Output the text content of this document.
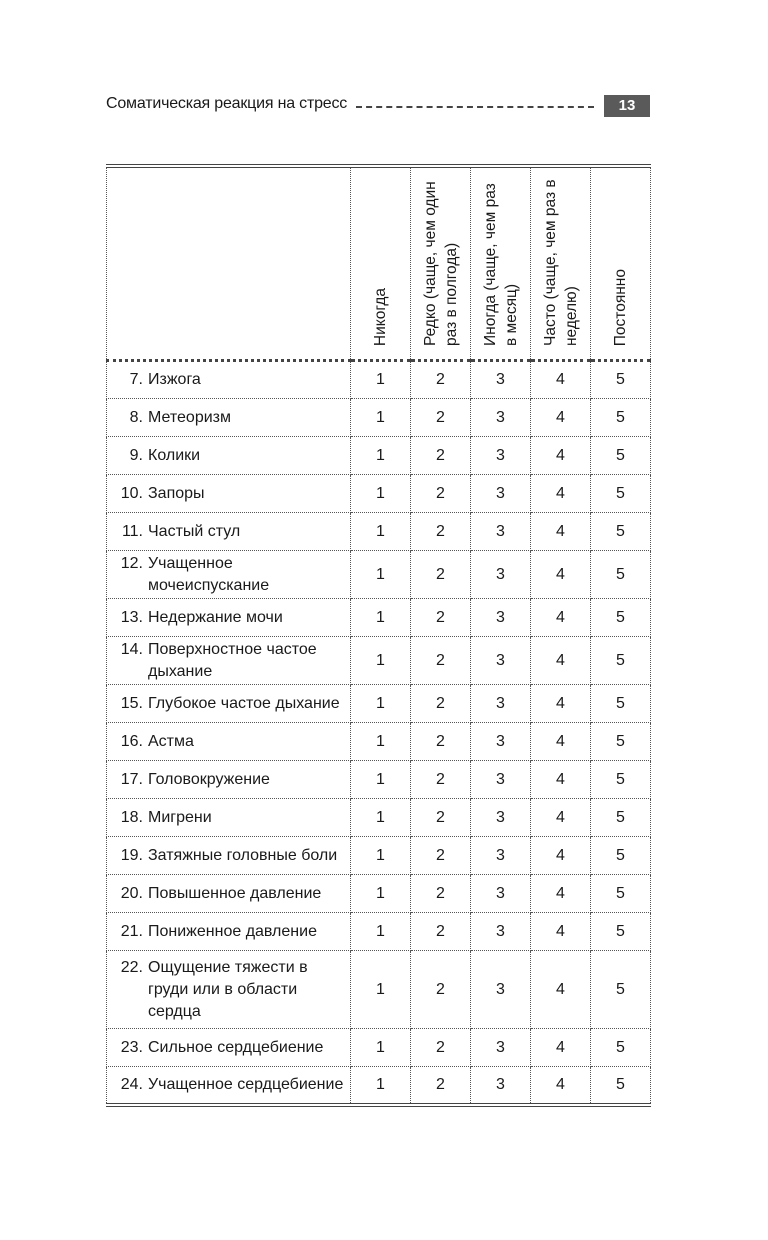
Соматическая реакция на стресс	13
	Никогда	Редко (чаще, чем один раз в полгода)	Иногда (чаще, чем раз в месяц)	Часто (чаще, чем раз в неделю)	Постоянно

7. Изжога	1	2	3	4	5

8. Метеоризм	1	2	3	4	5

9. Колики	1	2	3	4	5

10. Запоры	1	2	3	4	5

11. Частый стул	1	2	3	4	5

12. Учащенное мочеиспускание	1	2	3	4	5

13. Недержание мочи	1	2	3	4	5

14. Поверхностное частое дыхание	1	2	3	4	5

15. Глубокое частое дыхание	1	2	3	4	5

16. Астма	1	2	3	4	5

17. Головокружение	1	2	3	4	5

18. Мигрени	1	2	3	4	5

19. Затяжные головные боли	1	2	3	4	5

20. Повышенное давление	1	2	3	4	5

21. Пониженное давление	1	2	3	4	5

22. Ощущение тяжести в груди или в области сердца	1	2	3	4	5

23. Сильное сердцебиение	1	2	3	4	5

24. Учащенное сердцебиение	1	2	3	4	5
